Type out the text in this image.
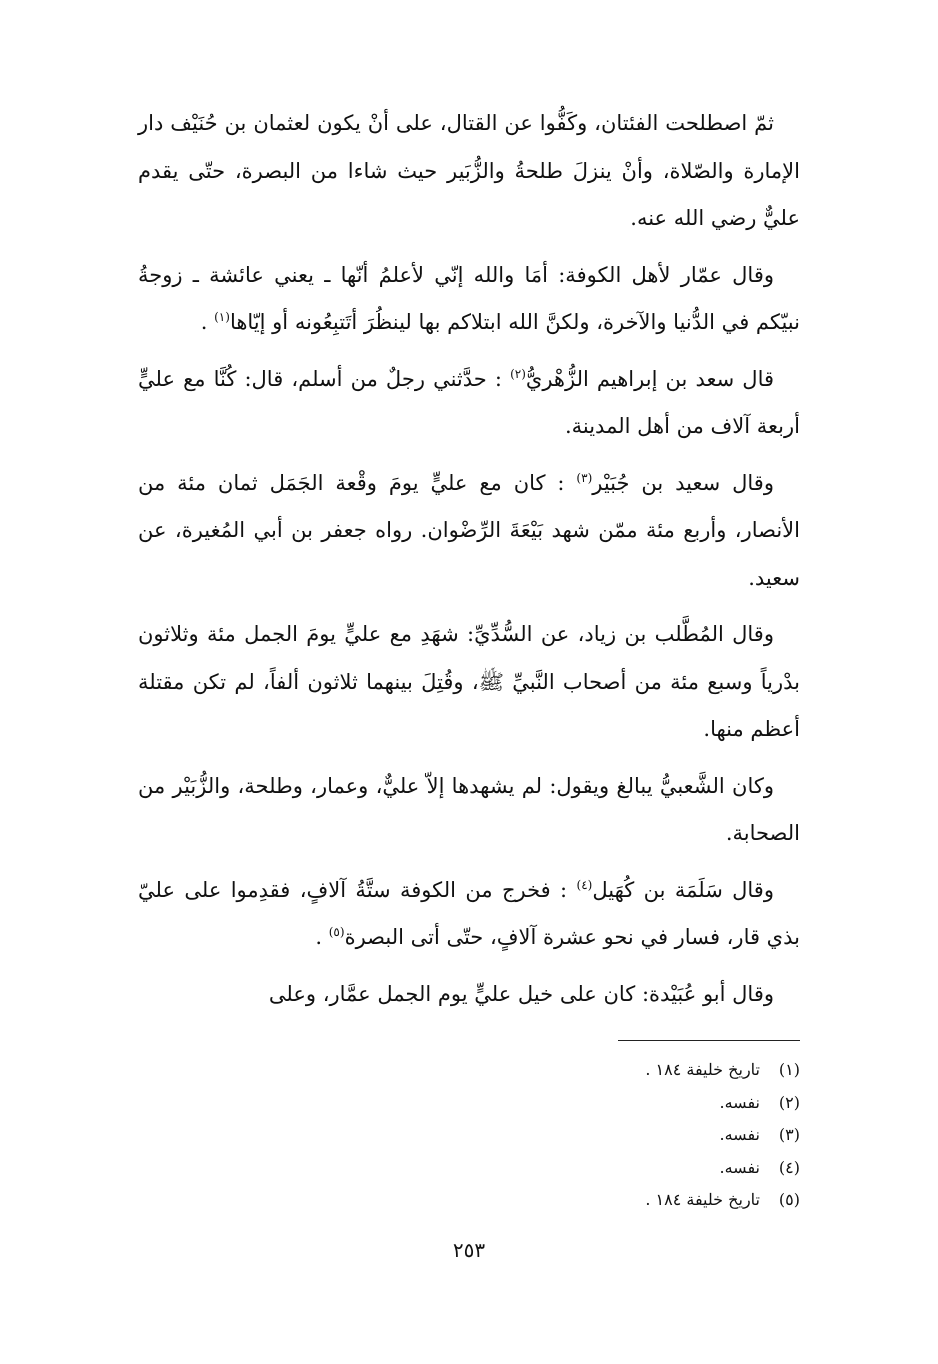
ثمّ اصطلحت الفئتان، وكَفُّوا عن القتال، على أنْ يكون لعثمان بن حُنَيْف دار الإمارة والصّلاة، وأنْ ينزلَ طلحةُ والزُّبَير حيث شاءا من البصرة، حتّى يقدم عليٌّ رضي الله عنه.

وقال عمّار لأهل الكوفة: أمَا والله إنّي لأعلمُ أنّها ـ يعني عائشة ـ زوجةُ نبيّكم في الدُّنيا والآخرة، ولكنَّ الله ابتلاكم بها لينظُرَ أتَتبِعُونه أو إيّاها$^{(١)}$ .

قال سعد بن إبراهيم الزُّهْريُّ$^{(٢)}$ : حدَّثني رجلٌ من أسلم، قال: كُنَّا مع عليٍّ أربعة آلاف من أهل المدينة.

وقال سعيد بن جُبَيْر$^{(٣)}$ : كان مع عليٍّ يومَ وقْعة الجَمَل ثمان مئة من الأنصار، وأربع مئة ممّن شهد بَيْعَةَ الرِّضْوان. رواه جعفر بن أبي المُغيرة، عن سعيد.

وقال المُطَّلب بن زياد، عن السُّدِّيِّ: شهَدِ مع عليٍّ يومَ الجمل مئة وثلاثون بدْرياً وسبع مئة من أصحاب النَّبيِّ ﷺ، وقُتِلَ بينهما ثلاثون ألفاً، لم تكن مقتلة أعظم منها.

وكان الشَّعبيُّ يبالغ ويقول: لم يشهدها إلاّ عليٌّ، وعمار، وطلحة، والزُّبَيْر من الصحابة.

وقال سَلَمَة بن كُهَيل$^{(٤)}$ : فخرج من الكوفة ستَّةُ آلافٍ، فقدِموا على عليّ بذي قار، فسار في نحو عشرة آلافٍ، حتّى أتى البصرة$^{(٥)}$ .

وقال أبو عُبَيْدة: كان على خيل عليٍّ يوم الجمل عمَّار، وعلى

(١)تاريخ خليفة ١٨٤ .
(٢)نفسه.
(٣)نفسه.
(٤)نفسه.
(٥)تاريخ خليفة ١٨٤ .
٢٥٣
